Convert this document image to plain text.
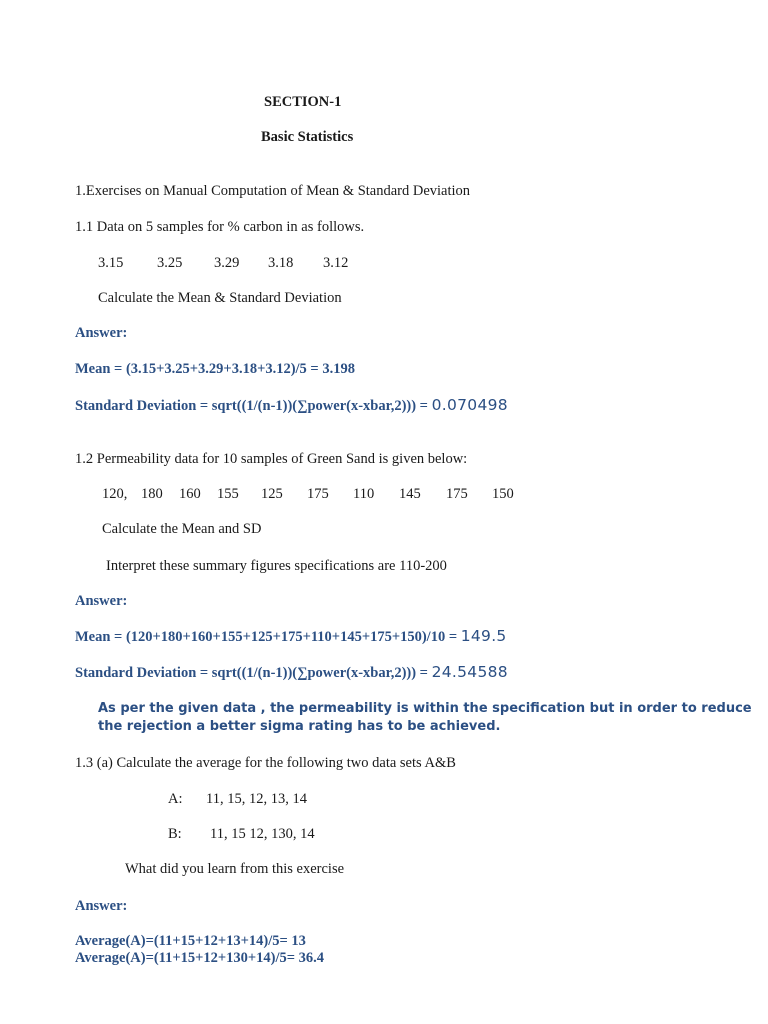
SECTION-1
Basic Statistics
1.Exercises on Manual Computation of Mean & Standard Deviation
1.1 Data on 5 samples for % carbon in as follows.
3.15 3.25 3.29 3.18 3.12
Calculate the Mean & Standard Deviation
Answer:
Mean = (3.15+3.25+3.29+3.18+3.12)/5 = 3.198
Standard Deviation = sqrt((1/(n-1))(∑power(x-xbar,2))) = 0.070498
1.2 Permeability data for 10 samples of Green Sand is given below:
120, 180 160 155 125 175 110 145 175 150
Calculate the Mean and SD
Interpret these summary figures specifications are 110-200
Answer:
Mean = (120+180+160+155+125+175+110+145+175+150)/10 = 149.5
Standard Deviation = sqrt((1/(n-1))(∑power(x-xbar,2))) = 24.54588
As per the given data , the permeability is within the specification but in order to reduce
the rejection a better sigma rating has to be achieved.
1.3 (a) Calculate the average for the following two data sets A&B
A: 11, 15, 12, 13, 14
B: 11, 15 12, 130, 14
What did you learn from this exercise
Answer:
Average(A)=(11+15+12+13+14)/5= 13
Average(A)=(11+15+12+130+14)/5= 36.4
